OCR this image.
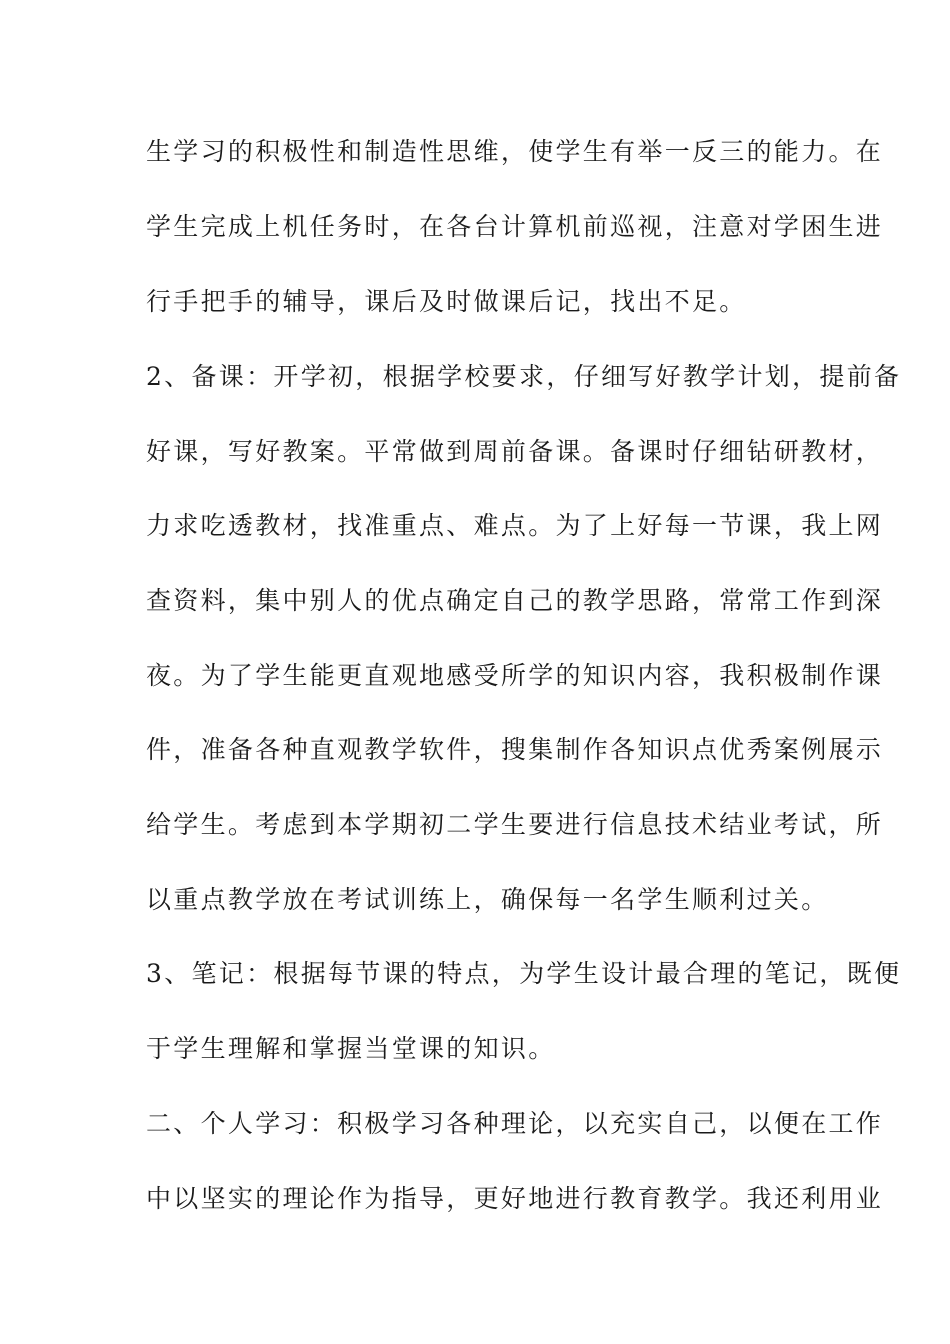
生学习的积极性和制造性思维，使学生有举一反三的能力。在
学生完成上机任务时，在各台计算机前巡视，注意对学困生进
行手把手的辅导，课后及时做课后记，找出不足。
2、备课：开学初，根据学校要求，仔细写好教学计划，提前备
好课，写好教案。平常做到周前备课。备课时仔细钻研教材，
力求吃透教材，找准重点、难点。为了上好每一节课，我上网
查资料，集中别人的优点确定自己的教学思路，常常工作到深
夜。为了学生能更直观地感受所学的知识内容，我积极制作课
件，准备各种直观教学软件，搜集制作各知识点优秀案例展示
给学生。考虑到本学期初二学生要进行信息技术结业考试，所
以重点教学放在考试训练上，确保每一名学生顺利过关。
3、笔记：根据每节课的特点，为学生设计最合理的笔记，既便
于学生理解和掌握当堂课的知识。
二、个人学习：积极学习各种理论，以充实自己，以便在工作
中以坚实的理论作为指导，更好地进行教育教学。我还利用业
